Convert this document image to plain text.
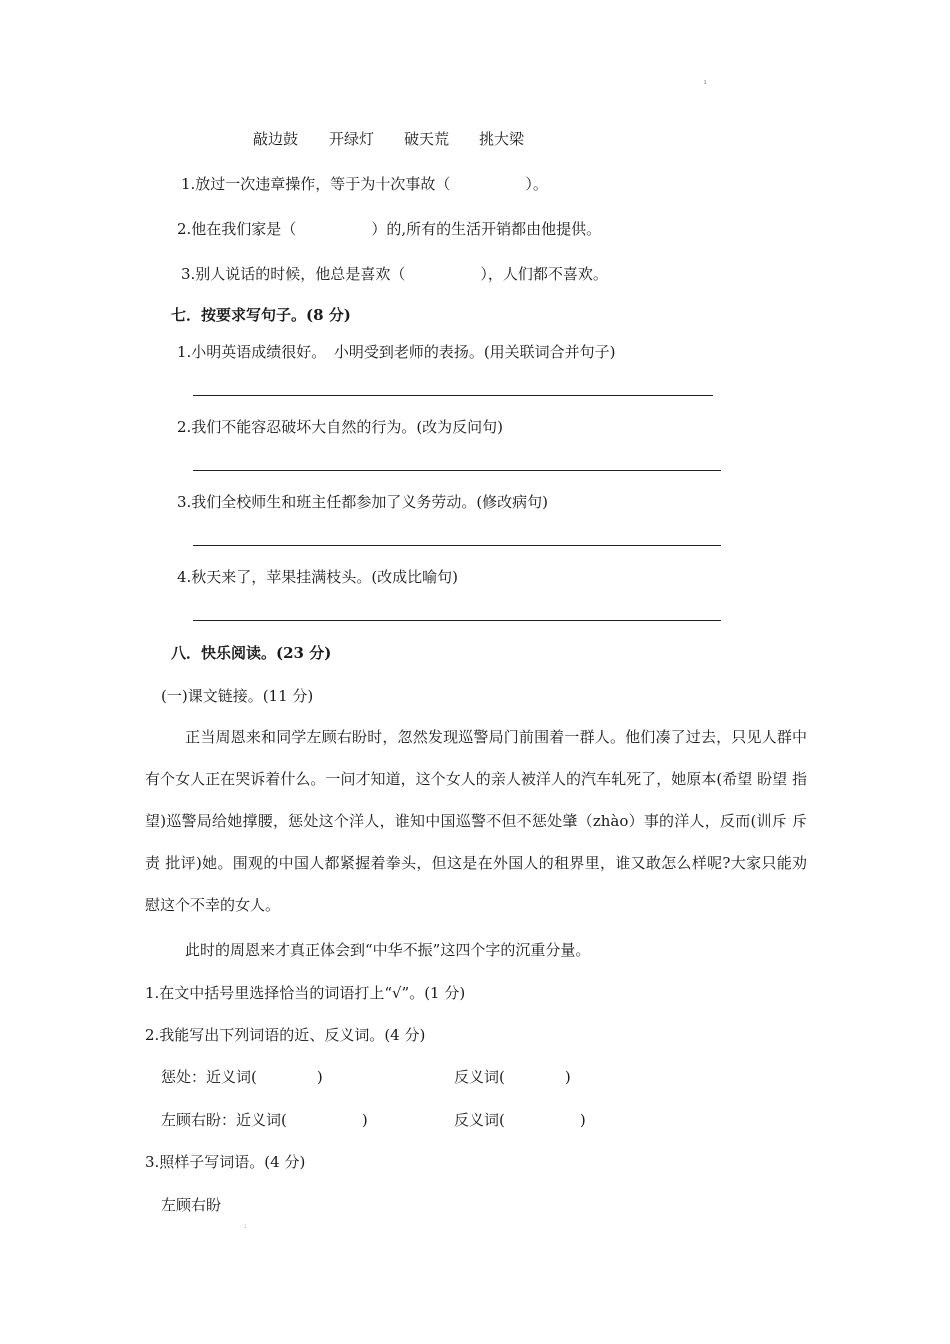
ı
:
敲边鼓 开绿灯 破天荒 挑大梁
1.放过一次违章操作，等于为十次事故（　　　　　）。
2.他在我们家是（　　　　　）的,所有的生活开销都由他提供。
3.别人说话的时候，他总是喜欢（　　　　　），人们都不喜欢。
七．按要求写句子。(8 分)
1.小明英语成绩很好。　小明受到老师的表扬。(用关联词合并句子)
2.我们不能容忍破坏大自然的行为。(改为反问句)
3.我们全校师生和班主任都参加了义务劳动。(修改病句)
4.秋天来了，苹果挂满枝头。(改成比喻句)
八．快乐阅读。(23 分)
(一)课文链接。(11 分)
正当周恩来和同学左顾右盼时，忽然发现巡警局门前围着一群人。他们凑了过去，只见人群中有个女人正在哭诉着什么。一问才知道，这个女人的亲人被洋人的汽车轧死了，她原本(希望 盼望 指望)巡警局给她撑腰，惩处这个洋人，谁知中国巡警不但不惩处肇（zhào）事的洋人，反而(训斥 斥责 批评)她。围观的中国人都紧握着拳头，但这是在外国人的租界里，谁又敢怎么样呢?大家只能劝慰这个不幸的女人。
此时的周恩来才真正体会到“中华不振”这四个字的沉重分量。
1.在文中括号里选择恰当的词语打上“√”。(1 分)
2.我能写出下列词语的近、反义词。(4 分)
惩处：近义词(　　　　)	反义词(　　　　)
左顾右盼：近义词(　　　　　)	反义词(　　　　　)
3.照样子写词语。(4 分)
左顾右盼
